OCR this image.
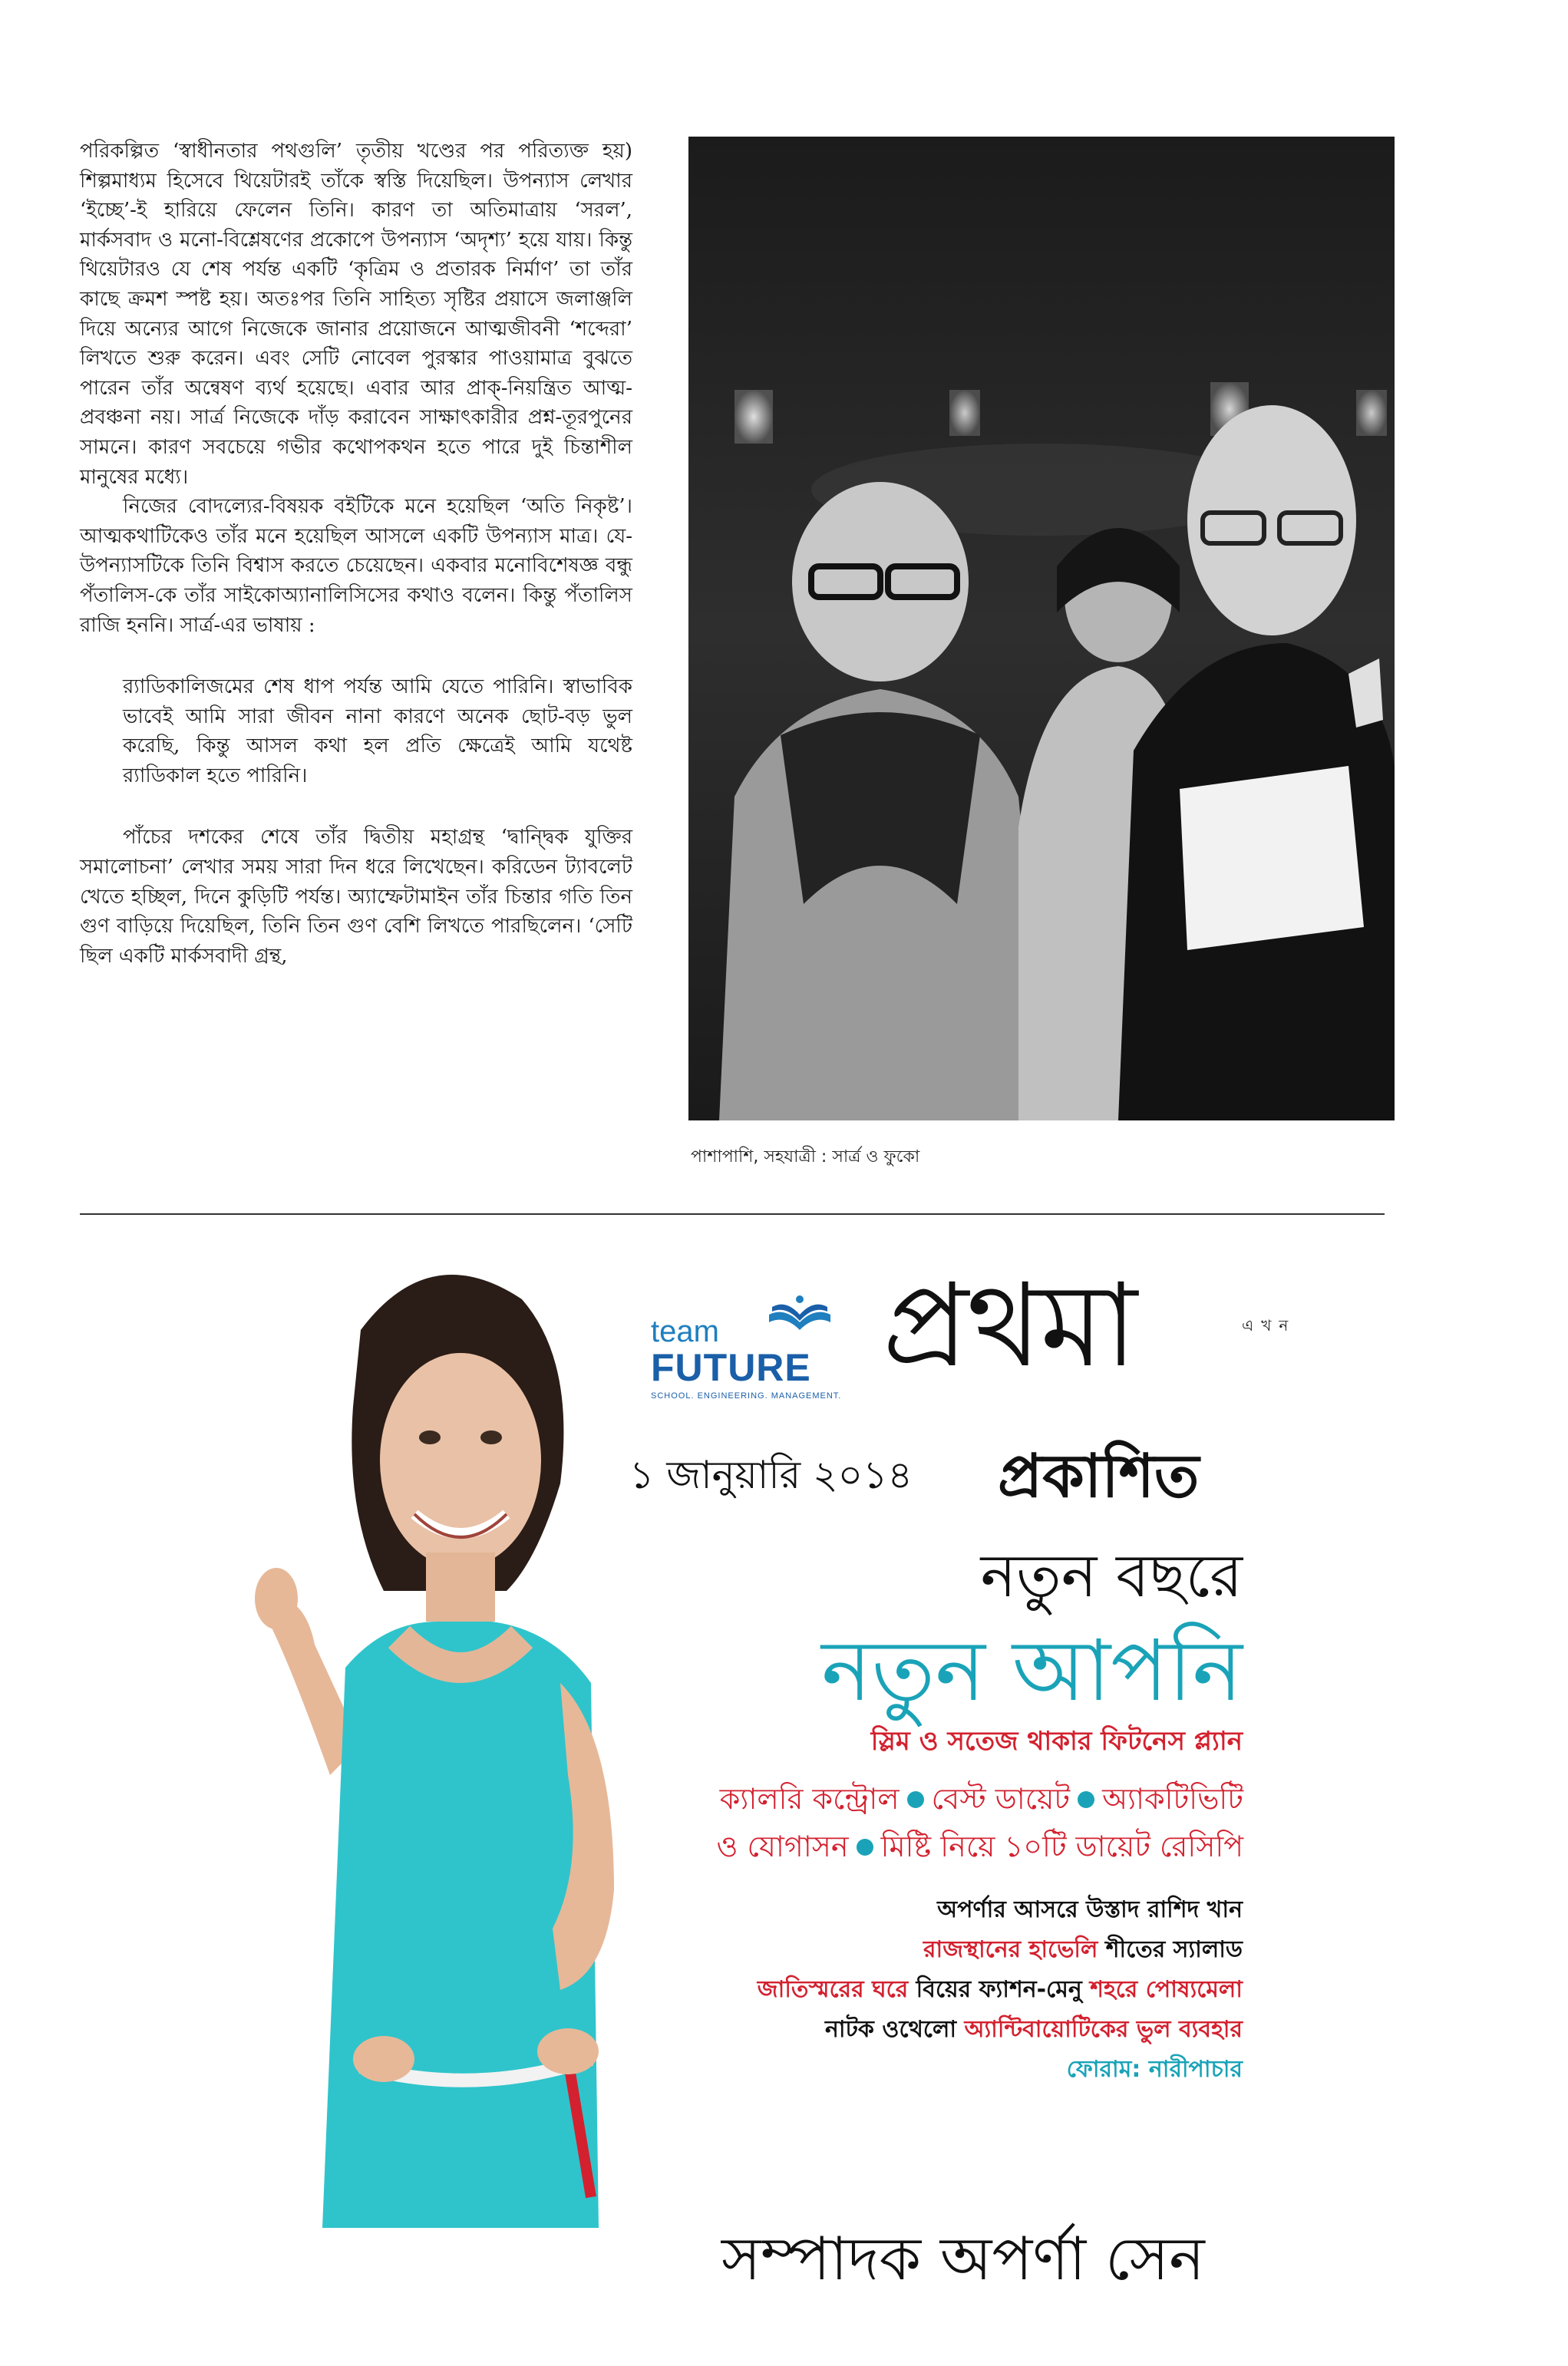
পরিকল্পিত ‘স্বাধীনতার পথগুলি’ তৃতীয় খণ্ডের পর পরিত্যক্ত হয়) শিল্পমাধ্যম হিসেবে থিয়েটারই তাঁকে স্বস্তি দিয়েছিল। উপন্যাস লেখার ‘ইচ্ছে’-ই হারিয়ে ফেলেন তিনি। কারণ তা অতিমাত্রায় ‘সরল’, মার্কসবাদ ও মনো-বিশ্লেষণের প্রকোপে উপন্যাস ‘অদৃশ্য’ হয়ে যায়। কিন্তু থিয়েটারও যে শেষ পর্যন্ত একটি ‘কৃত্রিম ও প্রতারক নির্মাণ’ তা তাঁর কাছে ক্রমশ স্পষ্ট হয়। অতঃপর তিনি সাহিত্য সৃষ্টির প্রয়াসে জলাঞ্জলি দিয়ে অন্যের আগে নিজেকে জানার প্রয়োজনে আত্মজীবনী ‘শব্দেরা’ লিখতে শুরু করেন। এবং সেটি নোবেল পুরস্কার পাওয়ামাত্র বুঝতে পারেন তাঁর অন্বেষণ ব্যর্থ হয়েছে। এবার আর প্রাক্‌-নিয়ন্ত্রিত আত্ম-প্রবঞ্চনা নয়। সার্ত্র নিজেকে দাঁড় করাবেন সাক্ষাৎকারীর প্রশ্ন-তূরপুনের সামনে। কারণ সবচেয়ে গভীর কথোপকথন হতে পারে দুই চিন্তাশীল মানুষের মধ্যে।

নিজের বোদল্যের-বিষয়ক বইটিকে মনে হয়েছিল ‘অতি নিকৃষ্ট’। আত্মকথাটিকেও তাঁর মনে হয়েছিল আসলে একটি উপন্যাস মাত্র। যে-উপন্যাসটিকে তিনি বিশ্বাস করতে চেয়েছেন। একবার মনোবিশেষজ্ঞ বন্ধু পঁতালিস-কে তাঁর সাইকোঅ্যানালিসিসের কথাও বলেন। কিন্তু পঁতালিস রাজি হননি। সার্ত্র-এর ভাষায় :

র‍্যাডিকালিজমের শেষ ধাপ পর্যন্ত আমি যেতে পারিনি। স্বাভাবিক ভাবেই আমি সারা জীবন নানা কারণে অনেক ছোট-বড় ভুল করেছি, কিন্তু আসল কথা হল প্রতি ক্ষেত্রেই আমি যথেষ্ট র‍্যাডিকাল হতে পারিনি।

পাঁচের দশকের শেষে তাঁর দ্বিতীয় মহাগ্রন্থ ‘দ্বান্দ্বিক যুক্তির সমালোচনা’ লেখার সময় সারা দিন ধরে লিখেছেন। করিডেন ট্যাবলেট খেতে হচ্ছিল, দিনে কুড়িটি পর্যন্ত। অ্যাম্ফেটামাইন তাঁর চিন্তার গতি তিন গুণ বাড়িয়ে দিয়েছিল, তিনি তিন গুণ বেশি লিখতে পারছিলেন। ‘সেটি ছিল একটি মার্কসবাদী গ্রন্থ,

পাশাপাশি, সহযাত্রী : সার্ত্র ও ফুকো
team
FUTURE
SCHOOL. ENGINEERING. MANAGEMENT.
প্রথমা	এখন
১ জানুয়ারি ২০১৪ প্রকাশিত
নতুন বছরে
নতুন আপনি
স্লিম ও সতেজ থাকার ফিটনেস প্ল্যান
ক্যালরি কন্ট্রোল বেস্ট ডায়েট অ্যাকটিভিটি
ও যোগাসন মিষ্টি নিয়ে ১০টি ডায়েট রেসিপি
অপর্ণার আসরে উস্তাদ রাশিদ খান
রাজস্থানের হাভেলি শীতের স্যালাড
জাতিস্মরের ঘরে বিয়ের ফ্যাশন-মেনু শহরে পোষ্যমেলা
নাটক ওথেলো অ্যান্টিবায়োটিকের ভুল ব্যবহার
ফোরাম: নারীপাচার
সম্পাদক অপর্ণা সেন
